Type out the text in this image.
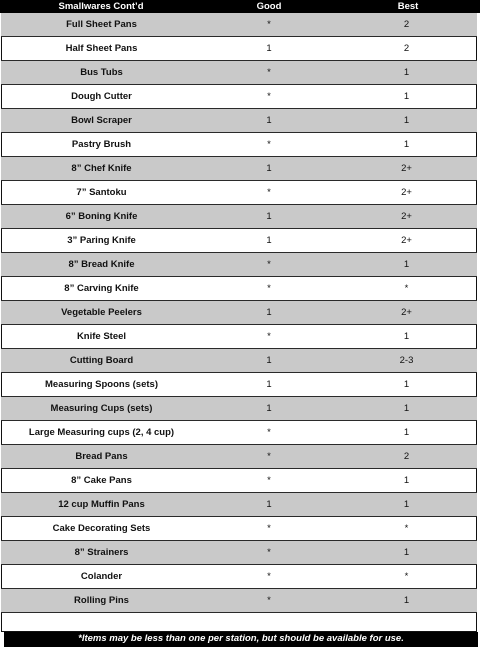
Smallwares Cont’d	Good	Best
Full Sheet Pans	*	2
Half Sheet Pans	1	2
Bus Tubs	*	1
Dough Cutter	*	1
Bowl Scraper	1	1
Pastry Brush	*	1
8” Chef Knife	1	2+
7” Santoku	*	2+
6” Boning Knife	1	2+
3” Paring Knife	1	2+
8” Bread Knife	*	1
8” Carving Knife	*	*
Vegetable Peelers	1	2+
Knife Steel	*	1
Cutting Board	1	2-3
Measuring Spoons (sets)	1	1
Measuring Cups (sets)	1	1
Large Measuring cups (2, 4 cup)	*	1
Bread Pans	*	2
8” Cake Pans	*	1
12 cup Muffin Pans	1	1
Cake Decorating Sets	*	*
8” Strainers	*	1
Colander	*	*
Rolling Pins	*	1
*Items may be less than one per station, but should be available for use.
